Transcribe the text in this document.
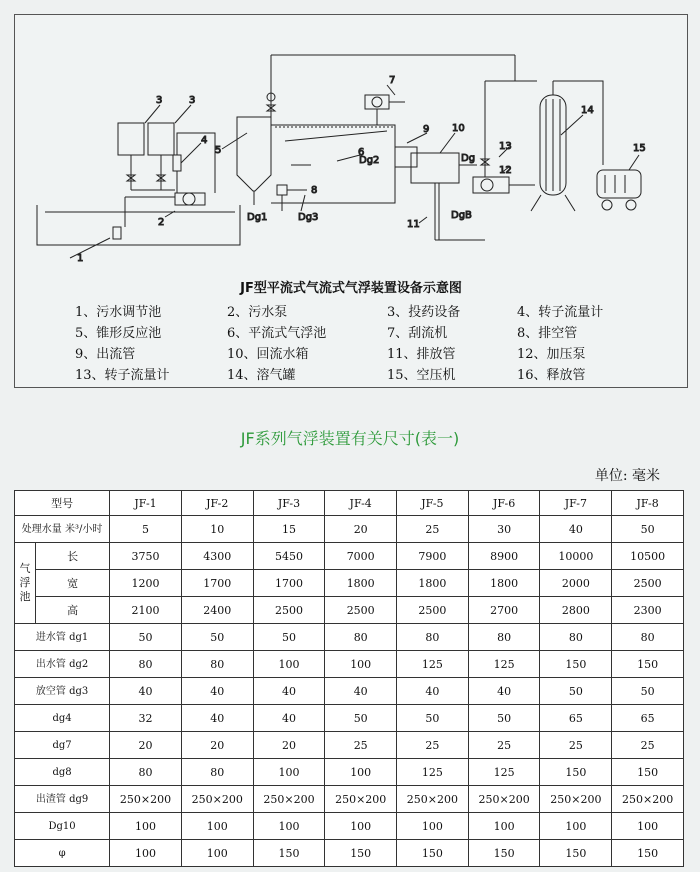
1
2
3	3
4
5	6
7
8
9 10
11
12
13
14
15
Dg1
Dg2
Dg3	DgB
Dg
JF型平流式气流式气浮装置设备示意图
1、污水调节池	2、污水泵	3、投药设备	4、转子流量计
5、锥形反应池	6、平流式气浮池	7、刮流机	8、排空管
9、出流管	10、回流水箱	11、排放管	12、加压泵
13、转子流量计	14、溶气罐	15、空压机	16、释放管
JF系列气浮装置有关尺寸(表一)
单位: 毫米
型号		JF-1	JF-2	JF-3	JF-4	JF-5	JF-6	JF-7	JF-8
处理水量 米³/小时		5	10	15	20	25	30	40	50
气浮池	长	3750	4300	5450	7000	7900	8900	10000	10500
	宽	1200	1700	1700	1800	1800	1800	2000	2500
	高	2100	2400	2500	2500	2500	2700	2800	2300
进水管 dg1		50	50	50	80	80	80	80	80
出水管 dg2		80	80	100	100	125	125	150	150
放空管 dg3		40	40	40	40	40	40	50	50
dg4		32	40	40	50	50	50	65	65
dg7		20	20	20	25	25	25	25	25
dg8		80	80	100	100	125	125	150	150
出渣管 dg9		250×200	250×200	250×200	250×200	250×200	250×200	250×200	250×200
Dg10		100	100	100	100	100	100	100	100
φ		100	100	150	150	150	150	150	150
